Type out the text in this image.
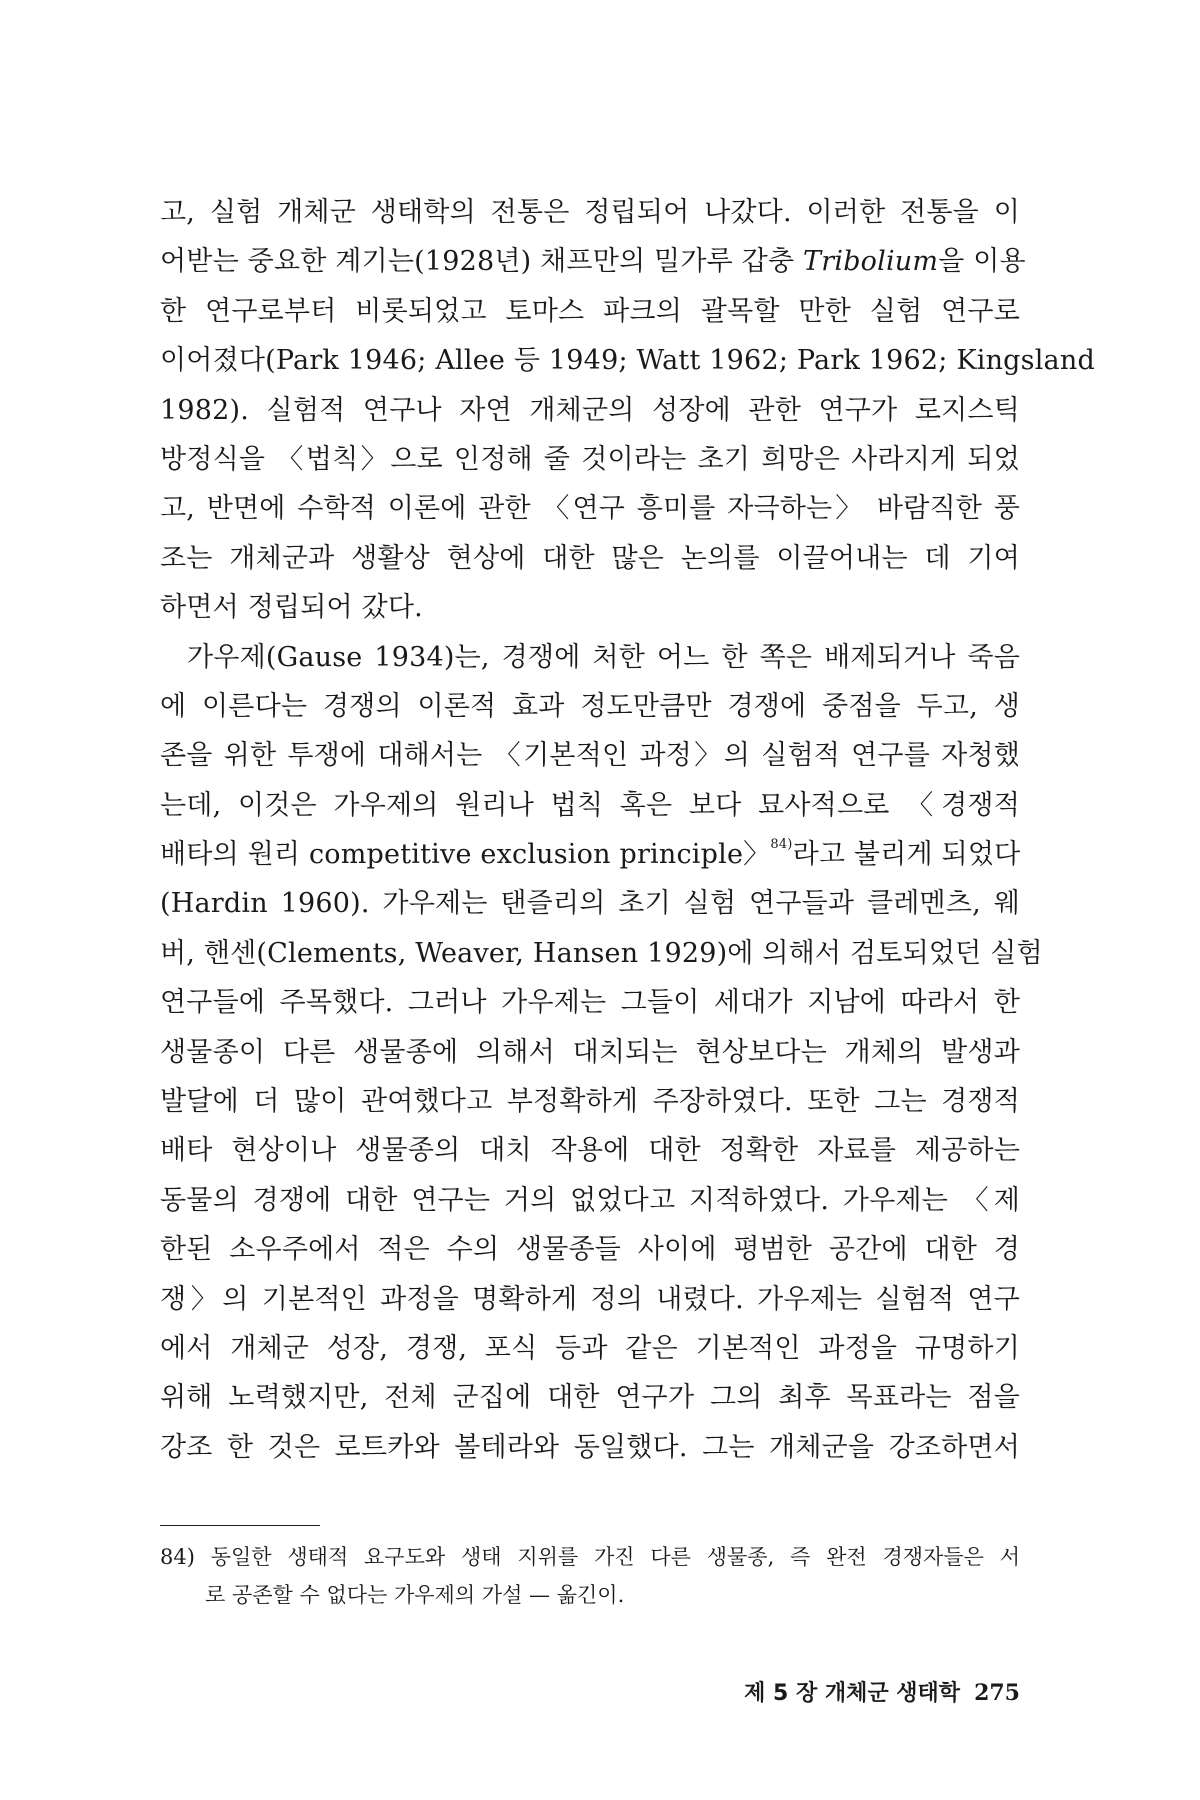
고, 실험 개체군 생태학의 전통은 정립되어 나갔다. 이러한 전통을 이
어받는 중요한 계기는(1928년) 채프만의 밀가루 갑충 Tribolium을 이용
한 연구로부터 비롯되었고 토마스 파크의 괄목할 만한 실험 연구로
이어졌다(Park 1946; Allee 등 1949; Watt 1962; Park 1962; Kingsland
1982). 실험적 연구나 자연 개체군의 성장에 관한 연구가 로지스틱
방정식을 〈법칙〉으로 인정해 줄 것이라는 초기 희망은 사라지게 되었
고, 반면에 수학적 이론에 관한 〈연구 흥미를 자극하는〉 바람직한 풍
조는 개체군과 생활상 현상에 대한 많은 논의를 이끌어내는 데 기여
하면서 정립되어 갔다.
가우제(Gause 1934)는, 경쟁에 처한 어느 한 쪽은 배제되거나 죽음
에 이른다는 경쟁의 이론적 효과 정도만큼만 경쟁에 중점을 두고, 생
존을 위한 투쟁에 대해서는 〈기본적인 과정〉의 실험적 연구를 자청했
는데, 이것은 가우제의 원리나 법칙 혹은 보다 묘사적으로 〈경쟁적
배타의 원리 competitive exclusion principle〉$^{84)}$라고 불리게 되었다
(Hardin 1960). 가우제는 탠즐리의 초기 실험 연구들과 클레멘츠, 웨
버, 핸센(Clements, Weaver, Hansen 1929)에 의해서 검토되었던 실험
연구들에 주목했다. 그러나 가우제는 그들이 세대가 지남에 따라서 한
생물종이 다른 생물종에 의해서 대치되는 현상보다는 개체의 발생과
발달에 더 많이 관여했다고 부정확하게 주장하였다. 또한 그는 경쟁적
배타 현상이나 생물종의 대치 작용에 대한 정확한 자료를 제공하는
동물의 경쟁에 대한 연구는 거의 없었다고 지적하였다. 가우제는 〈제
한된 소우주에서 적은 수의 생물종들 사이에 평범한 공간에 대한 경
쟁〉의 기본적인 과정을 명확하게 정의 내렸다. 가우제는 실험적 연구
에서 개체군 성장, 경쟁, 포식 등과 같은 기본적인 과정을 규명하기
위해 노력했지만, 전체 군집에 대한 연구가 그의 최후 목표라는 점을
강조 한 것은 로트카와 볼테라와 동일했다. 그는 개체군을 강조하면서
84) 동일한 생태적 요구도와 생태 지위를 가진 다른 생물종, 즉 완전 경쟁자들은 서
로 공존할 수 없다는 가우제의 가설 — 옮긴이.
제 5 장 개체군 생태학 275
